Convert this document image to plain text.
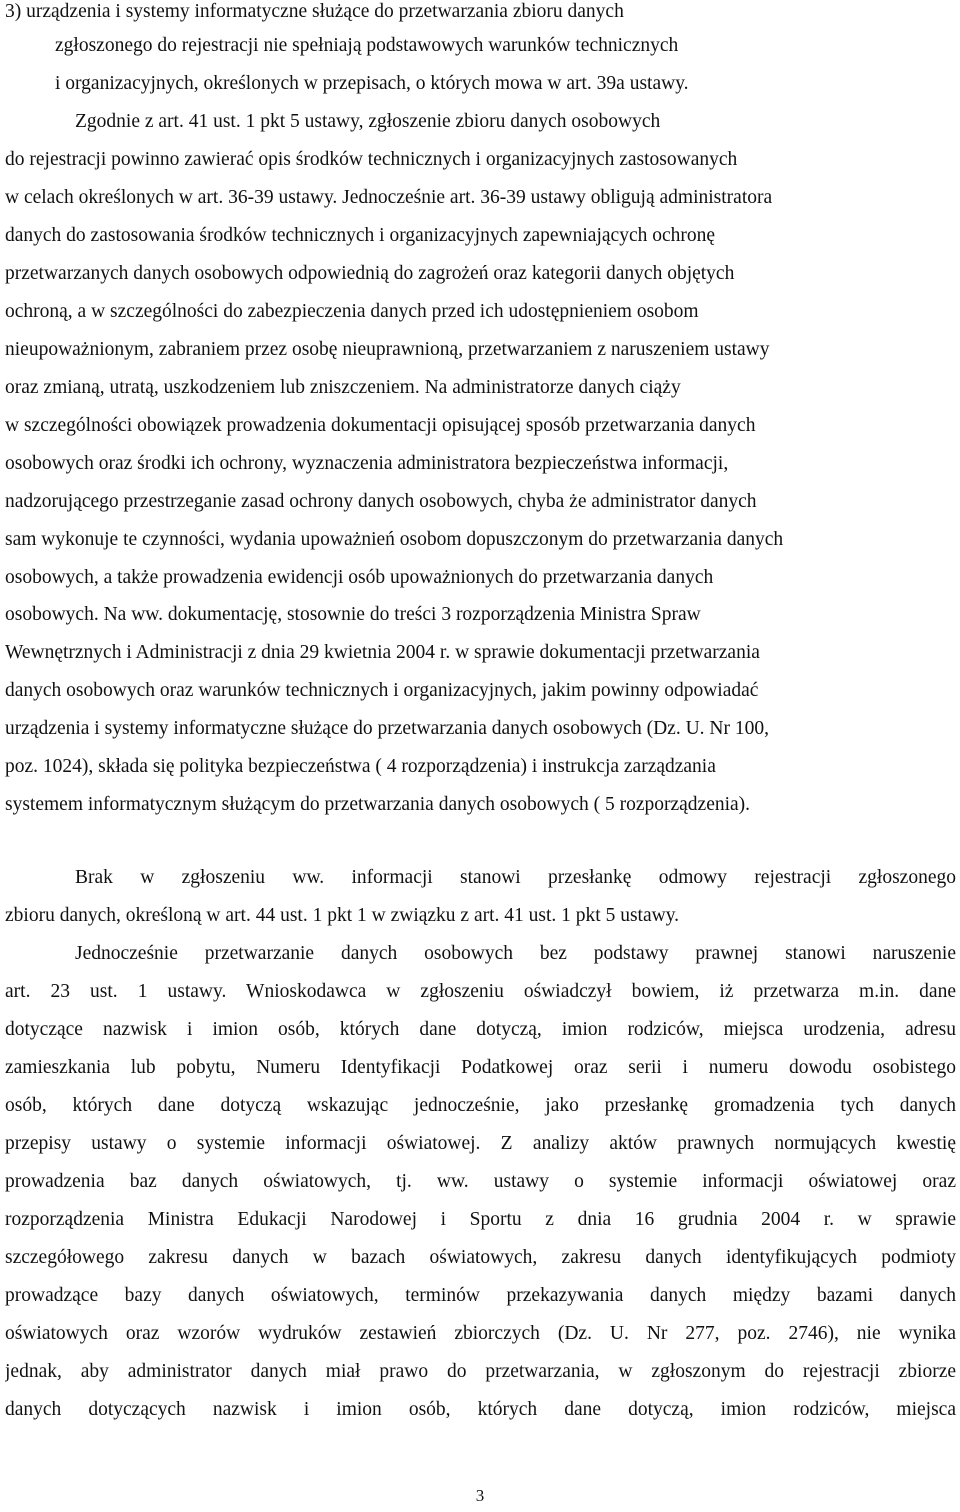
3) urządzenia i systemy informatyczne służące do przetwarzania zbioru danych
zgłoszonego do rejestracji nie spełniają podstawowych warunków technicznych
i organizacyjnych, określonych w przepisach, o których mowa w art. 39a ustawy.
Zgodnie z art. 41 ust. 1 pkt 5 ustawy, zgłoszenie zbioru danych osobowych
do rejestracji powinno zawierać opis środków technicznych i organizacyjnych zastosowanych
w celach określonych w art. 36-39 ustawy. Jednocześnie art. 36-39 ustawy obligują administratora
danych do zastosowania środków technicznych i organizacyjnych zapewniających ochronę
przetwarzanych danych osobowych odpowiednią do zagrożeń oraz kategorii danych objętych
ochroną, a w szczególności do zabezpieczenia danych przed ich udostępnieniem osobom
nieupoważnionym, zabraniem przez osobę nieuprawnioną, przetwarzaniem z naruszeniem ustawy
oraz zmianą, utratą, uszkodzeniem lub zniszczeniem. Na administratorze danych ciąży
w szczególności obowiązek prowadzenia dokumentacji opisującej sposób przetwarzania danych
osobowych oraz środki ich ochrony, wyznaczenia administratora bezpieczeństwa informacji,
nadzorującego przestrzeganie zasad ochrony danych osobowych, chyba że administrator danych
sam wykonuje te czynności, wydania upoważnień osobom dopuszczonym do przetwarzania danych
osobowych, a także prowadzenia ewidencji osób upoważnionych do przetwarzania danych
osobowych. Na ww. dokumentację, stosownie do treści 3 rozporządzenia Ministra Spraw
Wewnętrznych i Administracji z dnia 29 kwietnia 2004 r. w sprawie dokumentacji przetwarzania
danych osobowych oraz warunków technicznych i organizacyjnych, jakim powinny odpowiadać
urządzenia i systemy informatyczne służące do przetwarzania danych osobowych (Dz. U. Nr 100,
poz. 1024), składa się polityka bezpieczeństwa ( 4 rozporządzenia) i instrukcja zarządzania
systemem informatycznym służącym do przetwarzania danych osobowych ( 5 rozporządzenia).
Brak w zgłoszeniu ww. informacji stanowi przesłankę odmowy rejestracji zgłoszonego
zbioru danych, określoną w art. 44 ust. 1 pkt 1 w związku z art. 41 ust. 1 pkt 5 ustawy.
Jednocześnie przetwarzanie danych osobowych bez podstawy prawnej stanowi naruszenie
art. 23 ust. 1 ustawy. Wnioskodawca w zgłoszeniu oświadczył bowiem, iż przetwarza m.in. dane
dotyczące nazwisk i imion osób, których dane dotyczą, imion rodziców, miejsca urodzenia, adresu
zamieszkania lub pobytu, Numeru Identyfikacji Podatkowej oraz serii i numeru dowodu osobistego
osób, których dane dotyczą wskazując jednocześnie, jako przesłankę gromadzenia tych danych
przepisy ustawy o systemie informacji oświatowej. Z analizy aktów prawnych normujących kwestię
prowadzenia baz danych oświatowych, tj. ww. ustawy o systemie informacji oświatowej oraz
rozporządzenia Ministra Edukacji Narodowej i Sportu z dnia 16 grudnia 2004 r. w sprawie
szczegółowego zakresu danych w bazach oświatowych, zakresu danych identyfikujących podmioty
prowadzące bazy danych oświatowych, terminów przekazywania danych między bazami danych
oświatowych oraz wzorów wydruków zestawień zbiorczych (Dz. U. Nr 277, poz. 2746), nie wynika
jednak, aby administrator danych miał prawo do przetwarzania, w zgłoszonym do rejestracji zbiorze
danych dotyczących nazwisk i imion osób, których dane dotyczą, imion rodziców, miejsca
3
